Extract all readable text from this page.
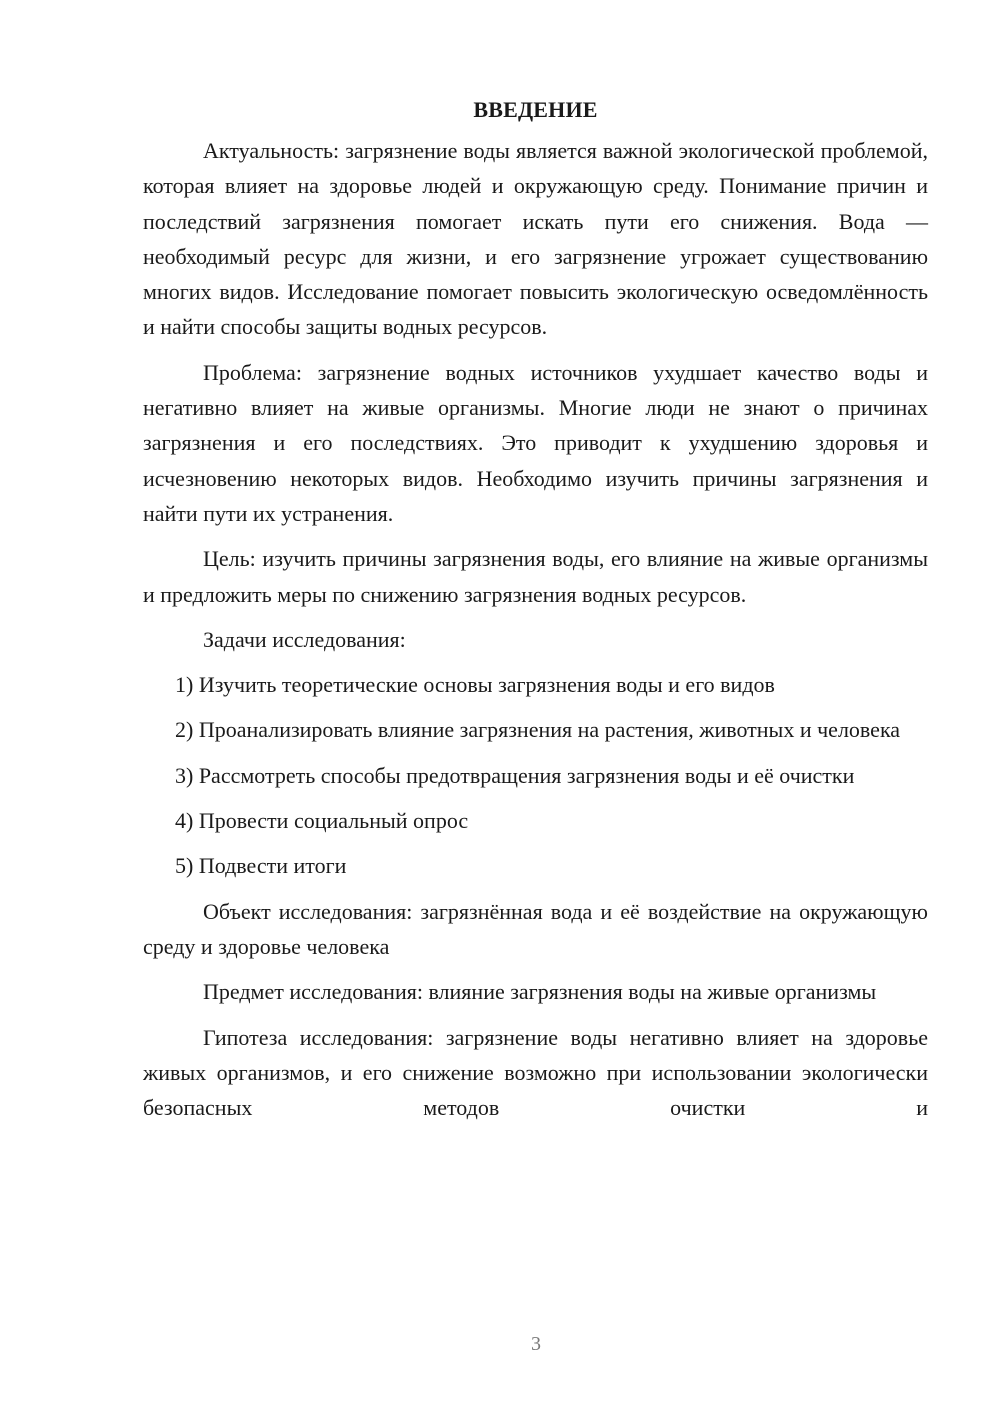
ВВЕДЕНИЕ

Актуальность: загрязнение воды является важной экологической проблемой, которая влияет на здоровье людей и окружающую среду. Понимание причин и последствий загрязнения помогает искать пути его снижения. Вода — необходимый ресурс для жизни, и его загрязнение угрожает существованию многих видов. Исследование помогает повысить экологическую осведомлённость и найти способы защиты водных ресурсов.

Проблема: загрязнение водных источников ухудшает качество воды и негативно влияет на живые организмы. Многие люди не знают о причинах загрязнения и его последствиях. Это приводит к ухудшению здоровья и исчезновению некоторых видов. Необходимо изучить причины загрязнения и найти пути их устранения.

Цель: изучить причины загрязнения воды, его влияние на живые организмы и предложить меры по снижению загрязнения водных ресурсов.

Задачи исследования:

1) Изучить теоретические основы загрязнения воды и его видов

2) Проанализировать влияние загрязнения на растения, животных и человека

3) Рассмотреть способы предотвращения загрязнения воды и её очистки

4) Провести социальный опрос

5) Подвести итоги

Объект исследования: загрязнённая вода и её воздействие на окружающую среду и здоровье человека

Предмет исследования: влияние загрязнения воды на живые организмы

Гипотеза исследования: загрязнение воды негативно влияет на здоровье живых организмов, и его снижение возможно при использовании экологически безопасных методов очистки и

3
